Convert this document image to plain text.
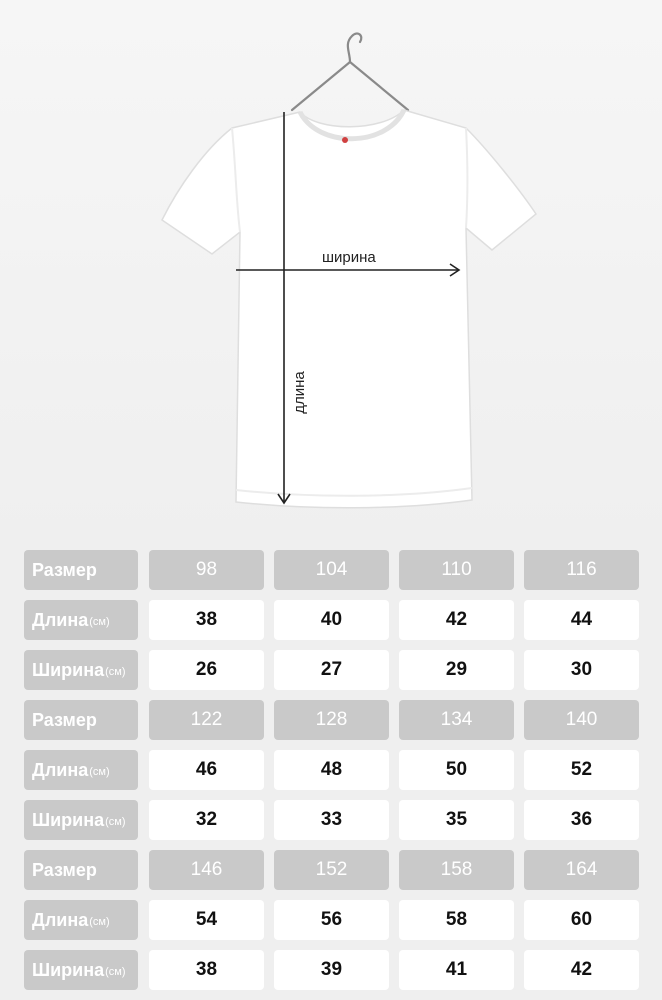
ширина
длина
Размер	98	104	110	116
Длина (см)	38	40	42	44
Ширина (см)	26	27	29	30
Размер	122	128	134	140
Длина (см)	46	48	50	52
Ширина (см)	32	33	35	36
Размер	146	152	158	164
Длина (см)	54	56	58	60
Ширина (см)	38	39	41	42
